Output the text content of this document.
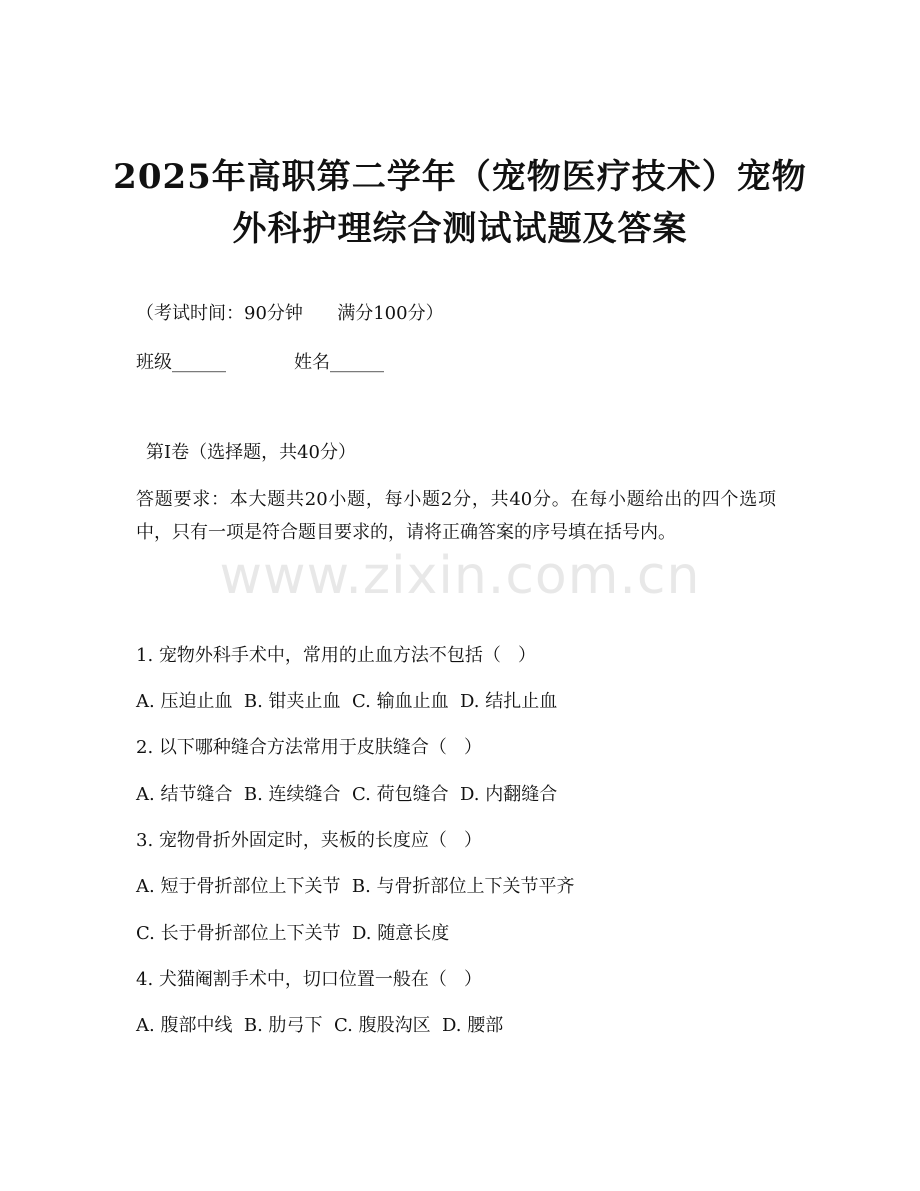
2025年高职第二学年（宠物医疗技术）宠物
外科护理综合测试试题及答案
（考试时间：90分钟      满分100分）
班级______	姓名______
第I卷（选择题，共40分）
答题要求：本大题共20小题，每小题2分，共40分。在每小题给出的四个选项中，只有一项是符合题目要求的，请将正确答案的序号填在括号内。
www.zixin.com.cn
1. 宠物外科手术中，常用的止血方法不包括（   ）
A. 压迫止血  B. 钳夹止血  C. 输血止血  D. 结扎止血
2. 以下哪种缝合方法常用于皮肤缝合（   ）
A. 结节缝合  B. 连续缝合  C. 荷包缝合  D. 内翻缝合
3. 宠物骨折外固定时，夹板的长度应（   ）
A. 短于骨折部位上下关节  B. 与骨折部位上下关节平齐
C. 长于骨折部位上下关节  D. 随意长度
4. 犬猫阉割手术中，切口位置一般在（   ）
A. 腹部中线  B. 肋弓下  C. 腹股沟区  D. 腰部
